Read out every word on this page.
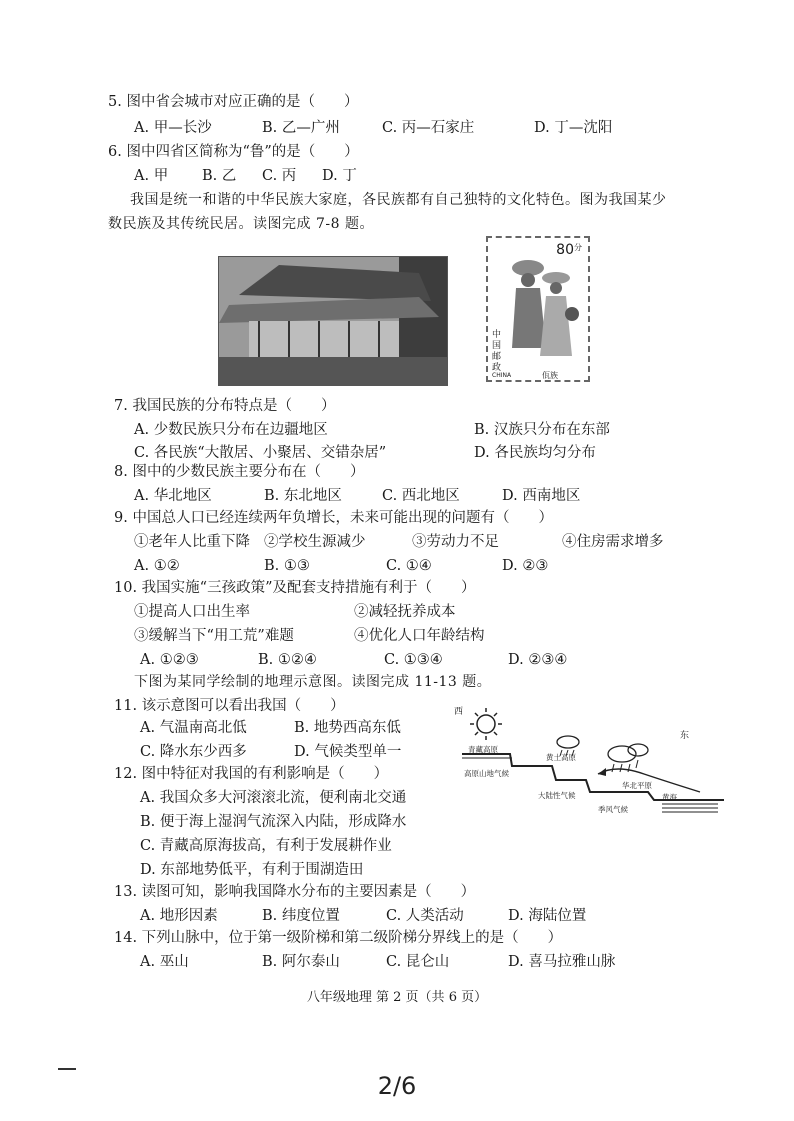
5. 图中省会城市对应正确的是（　　）
A. 甲—长沙	B. 乙—广州	C. 丙—石家庄	D. 丁—沈阳
6. 图中四省区简称为“鲁”的是（　　）
A. 甲 B. 乙 C. 丙 D. 丁
我国是统一和谐的中华民族大家庭，各民族都有自己独特的文化特色。图为我国某少
数民族及其传统民居。读图完成 7-8 题。
$80^分$
中国邮政
CHINA	佤族
7. 我国民族的分布特点是（　　）
A. 少数民族只分布在边疆地区	B. 汉族只分布在东部
C. 各民族“大散居、小聚居、交错杂居”	D. 各民族均匀分布
8. 图中的少数民族主要分布在（　　）
A. 华北地区	B. 东北地区	C. 西北地区	D. 西南地区
9. 中国总人口已经连续两年负增长，未来可能出现的问题有（　　）
①老年人比重下降 ②学校生源减少	③劳动力不足	④住房需求增多
A. ①②	B. ①③	C. ①④	D. ②③
10. 我国实施“三孩政策”及配套支持措施有利于（　　）
①提高人口出生率	②减轻抚养成本
③缓解当下“用工荒”难题	④优化人口年龄结构
A. ①②③	B. ①②④	C. ①③④	D. ②③④
下图为某同学绘制的地理示意图。读图完成 11-13 题。
11. 该示意图可以看出我国（　　）
A. 气温南高北低	B. 地势西高东低
C. 降水东少西多	D. 气候类型单一
12. 图中特征对我国的有利影响是（　　）
A. 我国众多大河滚滚北流，便利南北交通
B. 便于海上湿润气流深入内陆，形成降水
C. 青藏高原海拔高，有利于发展耕作业
D. 东部地势低平，有利于围湖造田
13. 读图可知，影响我国降水分布的主要因素是（　　）
A. 地形因素	B. 纬度位置	C. 人类活动	D. 海陆位置
14. 下列山脉中，位于第一级阶梯和第二级阶梯分界线上的是（　　）
A. 巫山	B. 阿尔泰山	C. 昆仑山	D. 喜马拉雅山脉
西
东
青藏高原
高原山地气候
黄土高原
大陆性气候
华北平原
季风气候
黄海
八年级地理 第 2 页（共 6 页）
2/6
